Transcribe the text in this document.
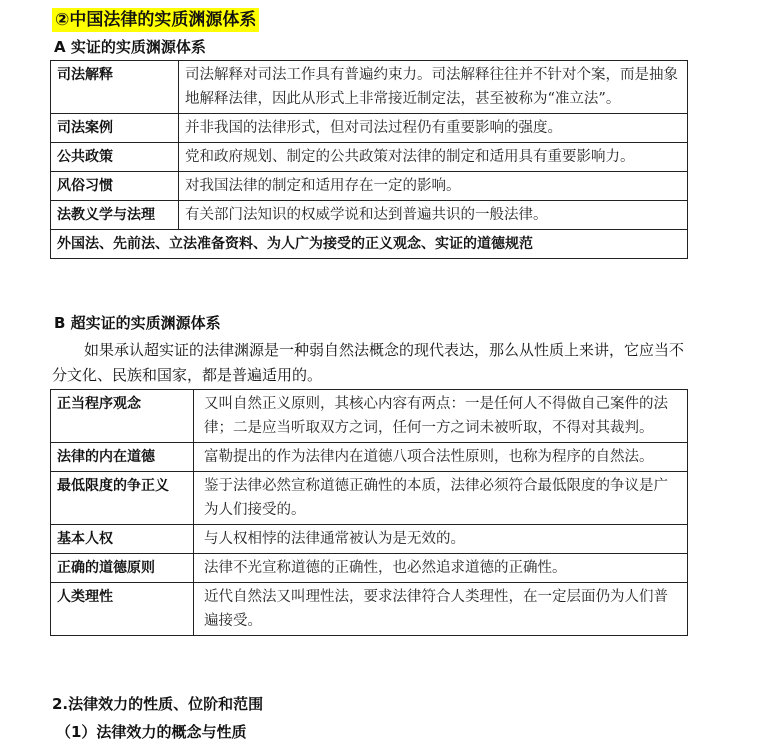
②中国法律的实质渊源体系
A 实证的实质渊源体系
司法解释	司法解释对司法工作具有普遍约束力。司法解释往往并不针对个案，而是抽象地解释法律，因此从形式上非常接近制定法，甚至被称为“准立法”。
司法案例	并非我国的法律形式，但对司法过程仍有重要影响的强度。
公共政策	党和政府规划、制定的公共政策对法律的制定和适用具有重要影响力。
风俗习惯	对我国法律的制定和适用存在一定的影响。
法教义学与法理	有关部门法知识的权威学说和达到普遍共识的一般法律。
外国法、先前法、立法准备资料、为人广为接受的正义观念、实证的道德规范	
B 超实证的实质渊源体系

如果承认超实证的法律渊源是一种弱自然法概念的现代表达，那么从性质上来讲，它应当不分文化、民族和国家，都是普遍适用的。

正当程序观念	又叫自然正义原则，其核心内容有两点：一是任何人不得做自己案件的法律；二是应当听取双方之词，任何一方之词未被听取，不得对其裁判。
法律的内在道德	富勒提出的作为法律内在道德八项合法性原则，也称为程序的自然法。
最低限度的争正义	鉴于法律必然宣称道德正确性的本质，法律必须符合最低限度的争议是广为人们接受的。
基本人权	与人权相悖的法律通常被认为是无效的。
正确的道德原则	法律不光宣称道德的正确性，也必然追求道德的正确性。
人类理性	近代自然法又叫理性法，要求法律符合人类理性，在一定层面仍为人们普遍接受。
2.法律效力的性质、位阶和范围
（1）法律效力的概念与性质
